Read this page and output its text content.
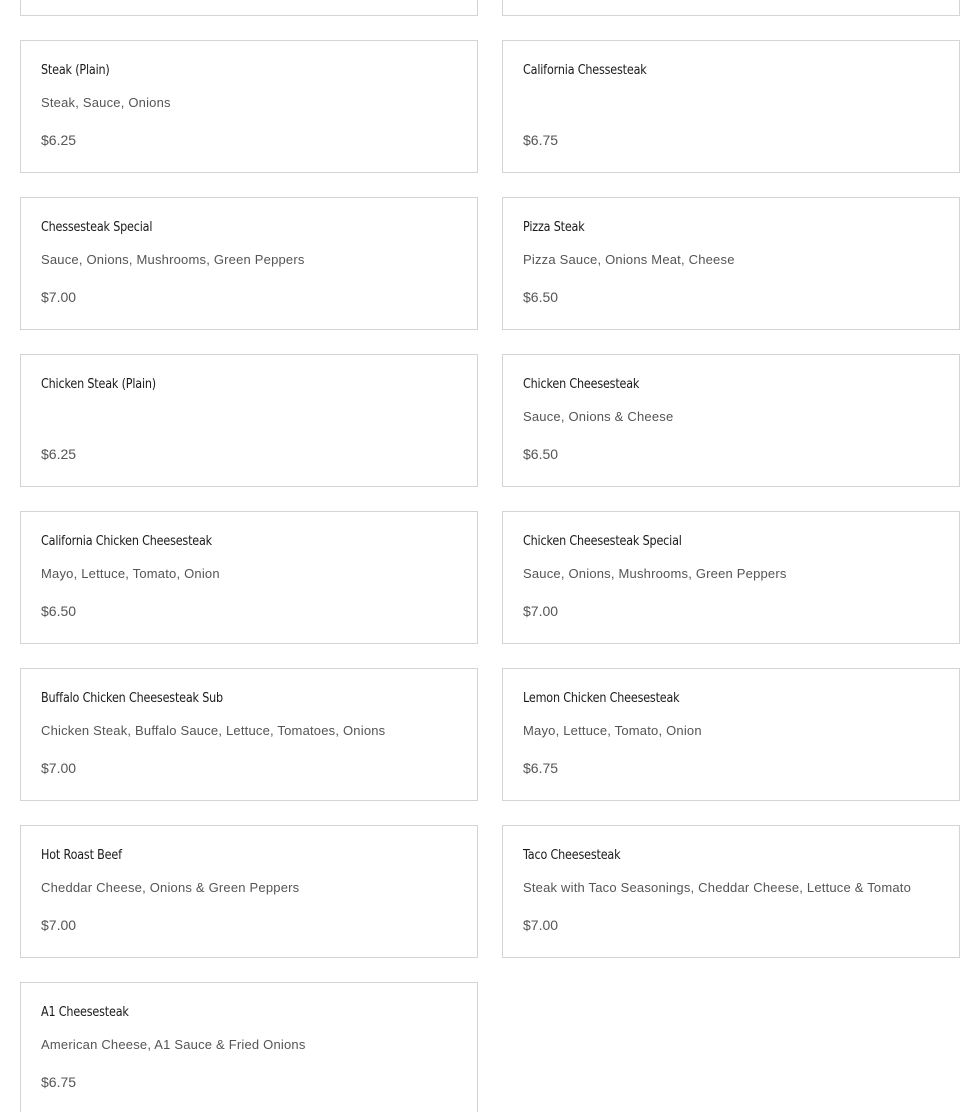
Steak (Plain)
Steak, Sauce, Onions
$6.25
California Chessesteak
$6.75
Chessesteak Special
Sauce, Onions, Mushrooms, Green Peppers
$7.00
Pizza Steak
Pizza Sauce, Onions Meat, Cheese
$6.50
Chicken Steak (Plain)
$6.25
Chicken Cheesesteak
Sauce, Onions & Cheese
$6.50
California Chicken Cheesesteak
Mayo, Lettuce, Tomato, Onion
$6.50
Chicken Cheesesteak Special
Sauce, Onions, Mushrooms, Green Peppers
$7.00
Buffalo Chicken Cheesesteak Sub
Chicken Steak, Buffalo Sauce, Lettuce, Tomatoes, Onions
$7.00
Lemon Chicken Cheesesteak
Mayo, Lettuce, Tomato, Onion
$6.75
Hot Roast Beef
Cheddar Cheese, Onions & Green Peppers
$7.00
Taco Cheesesteak
Steak with Taco Seasonings, Cheddar Cheese, Lettuce & Tomato
$7.00
A1 Cheesesteak
American Cheese, A1 Sauce & Fried Onions
$6.75
